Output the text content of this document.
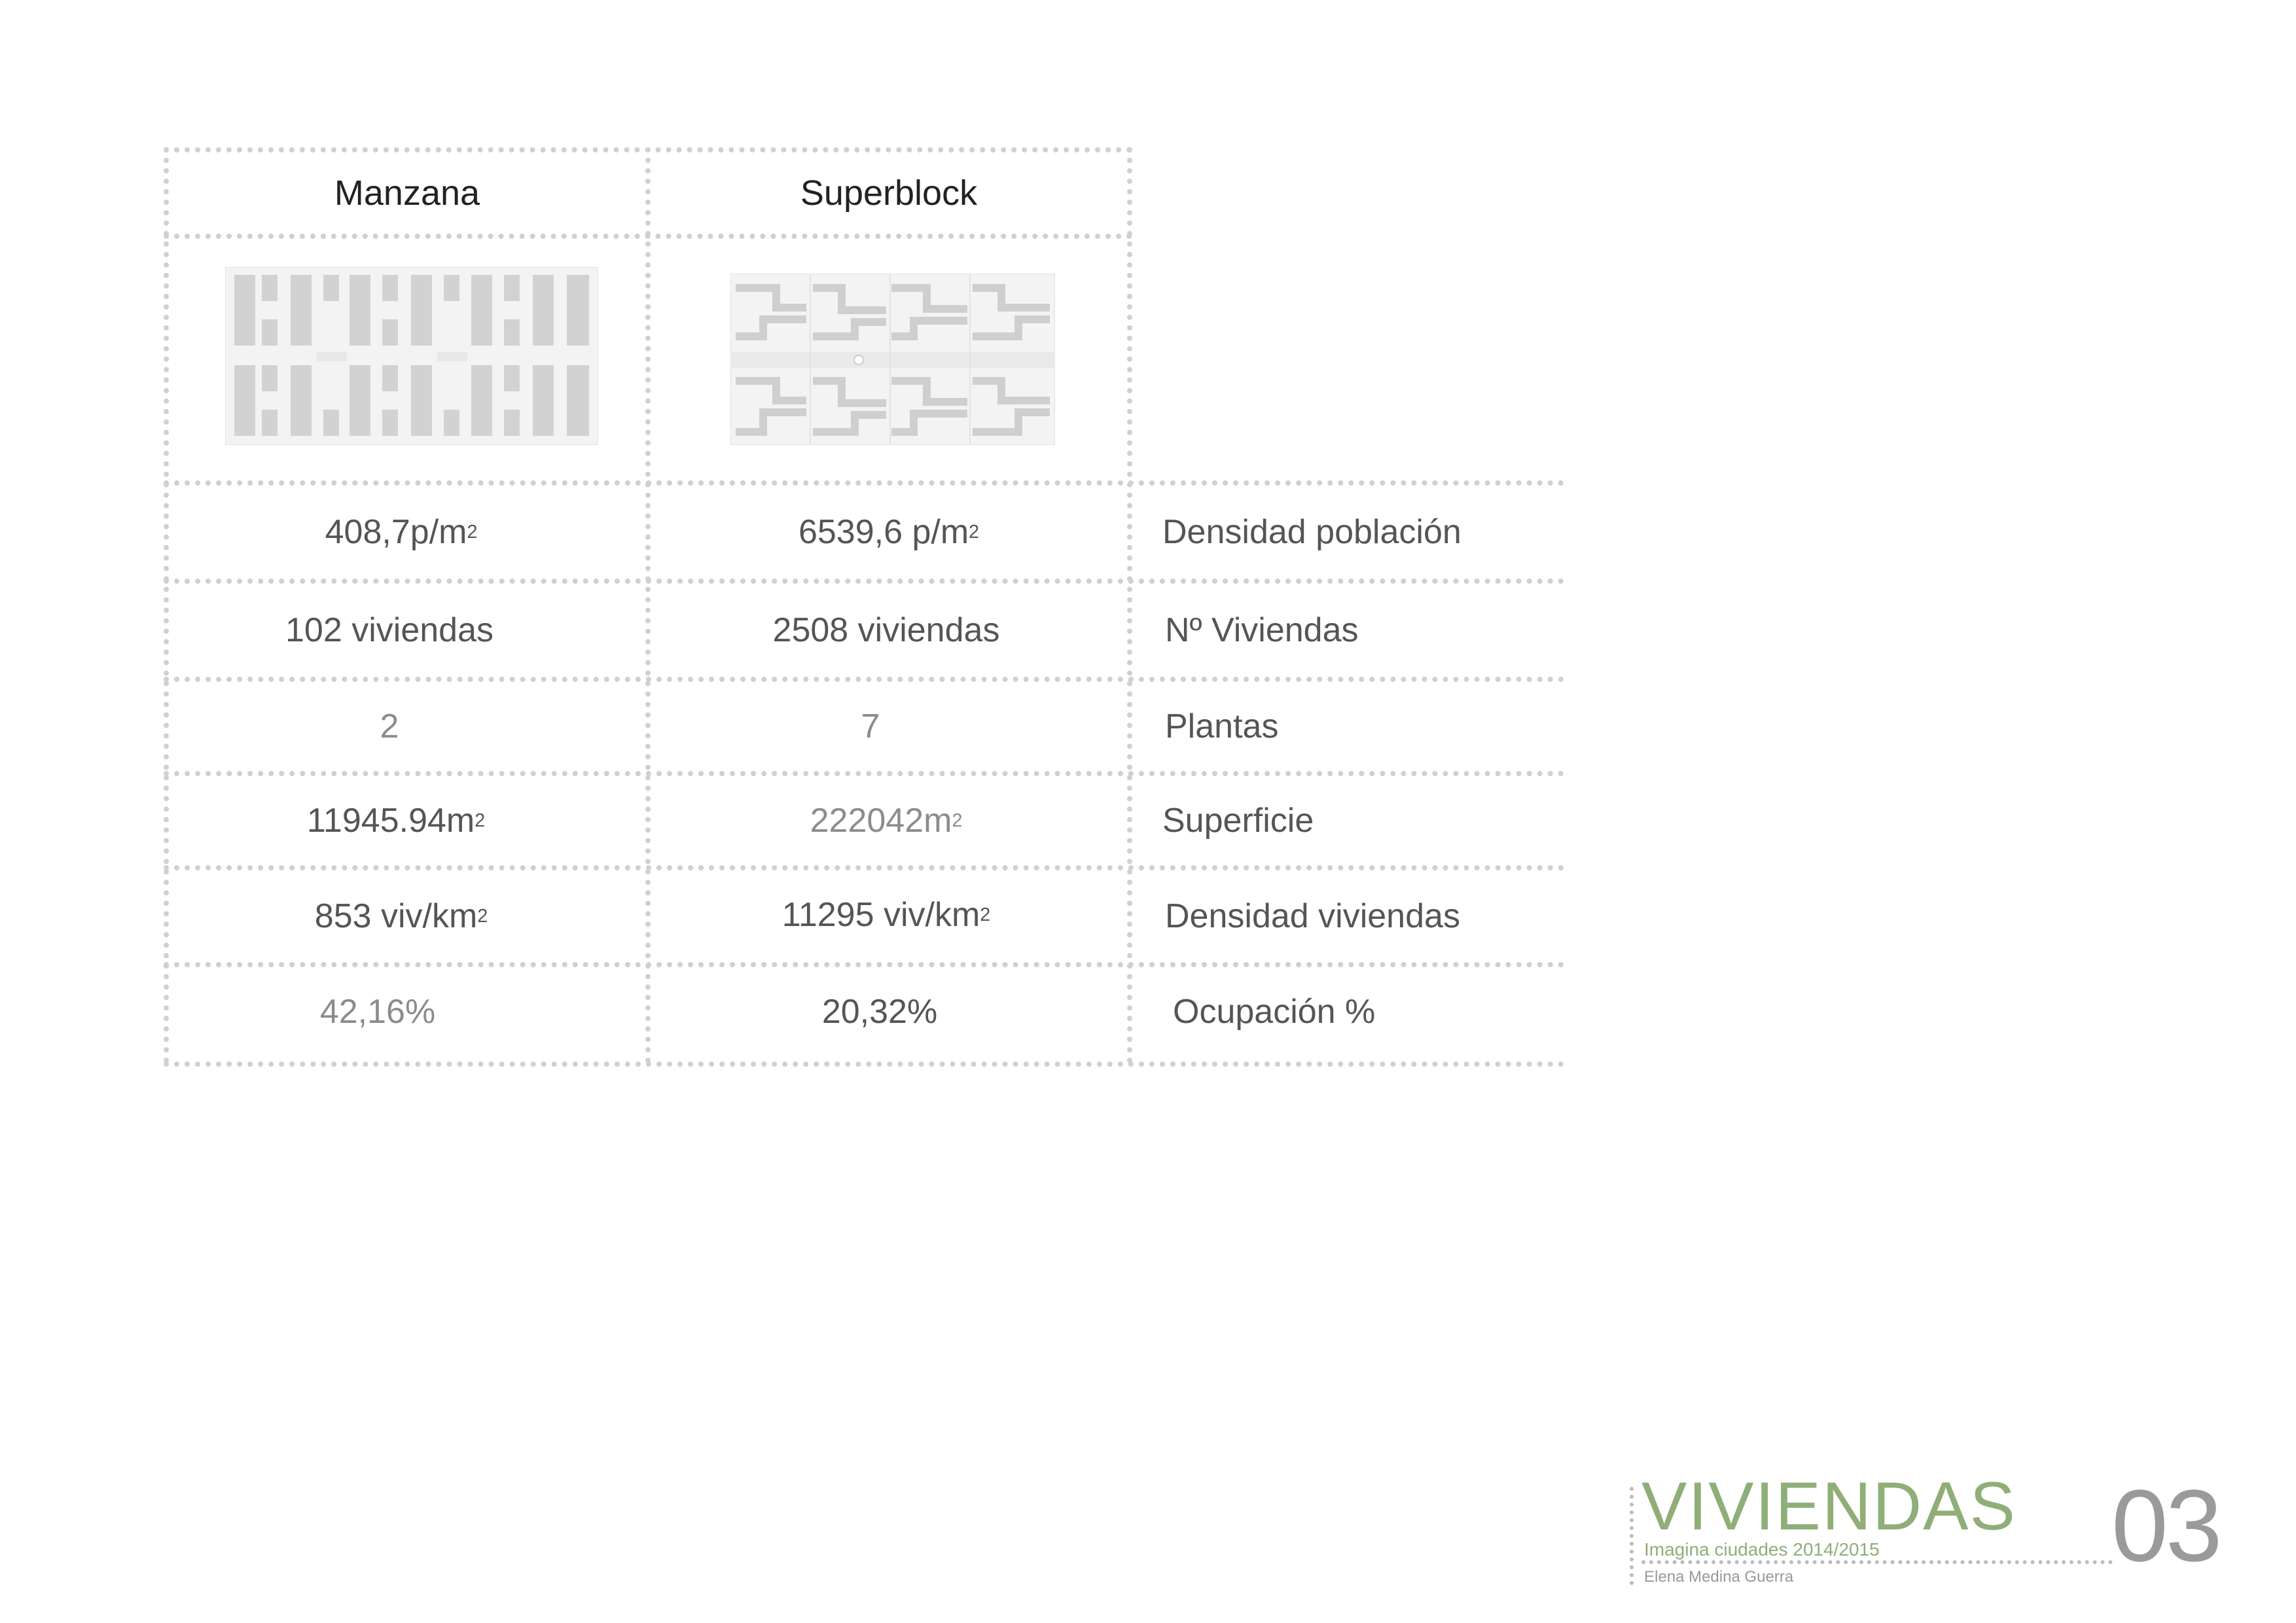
Manzana	Superblock
408,7p/m 2	6539,6 p/m 2	Densidad población
102 viviendas	2508 viviendas	Nº Viviendas
2	7	Plantas
11945.94m 2	222042m 2	Superficie
853 viv/km 2	11295 viv/km 2	Densidad viviendas
42,16%	20,32%	Ocupación %
VIVIENDAS
Imagina ciudades 2014/2015
Elena Medina Guerra	03
